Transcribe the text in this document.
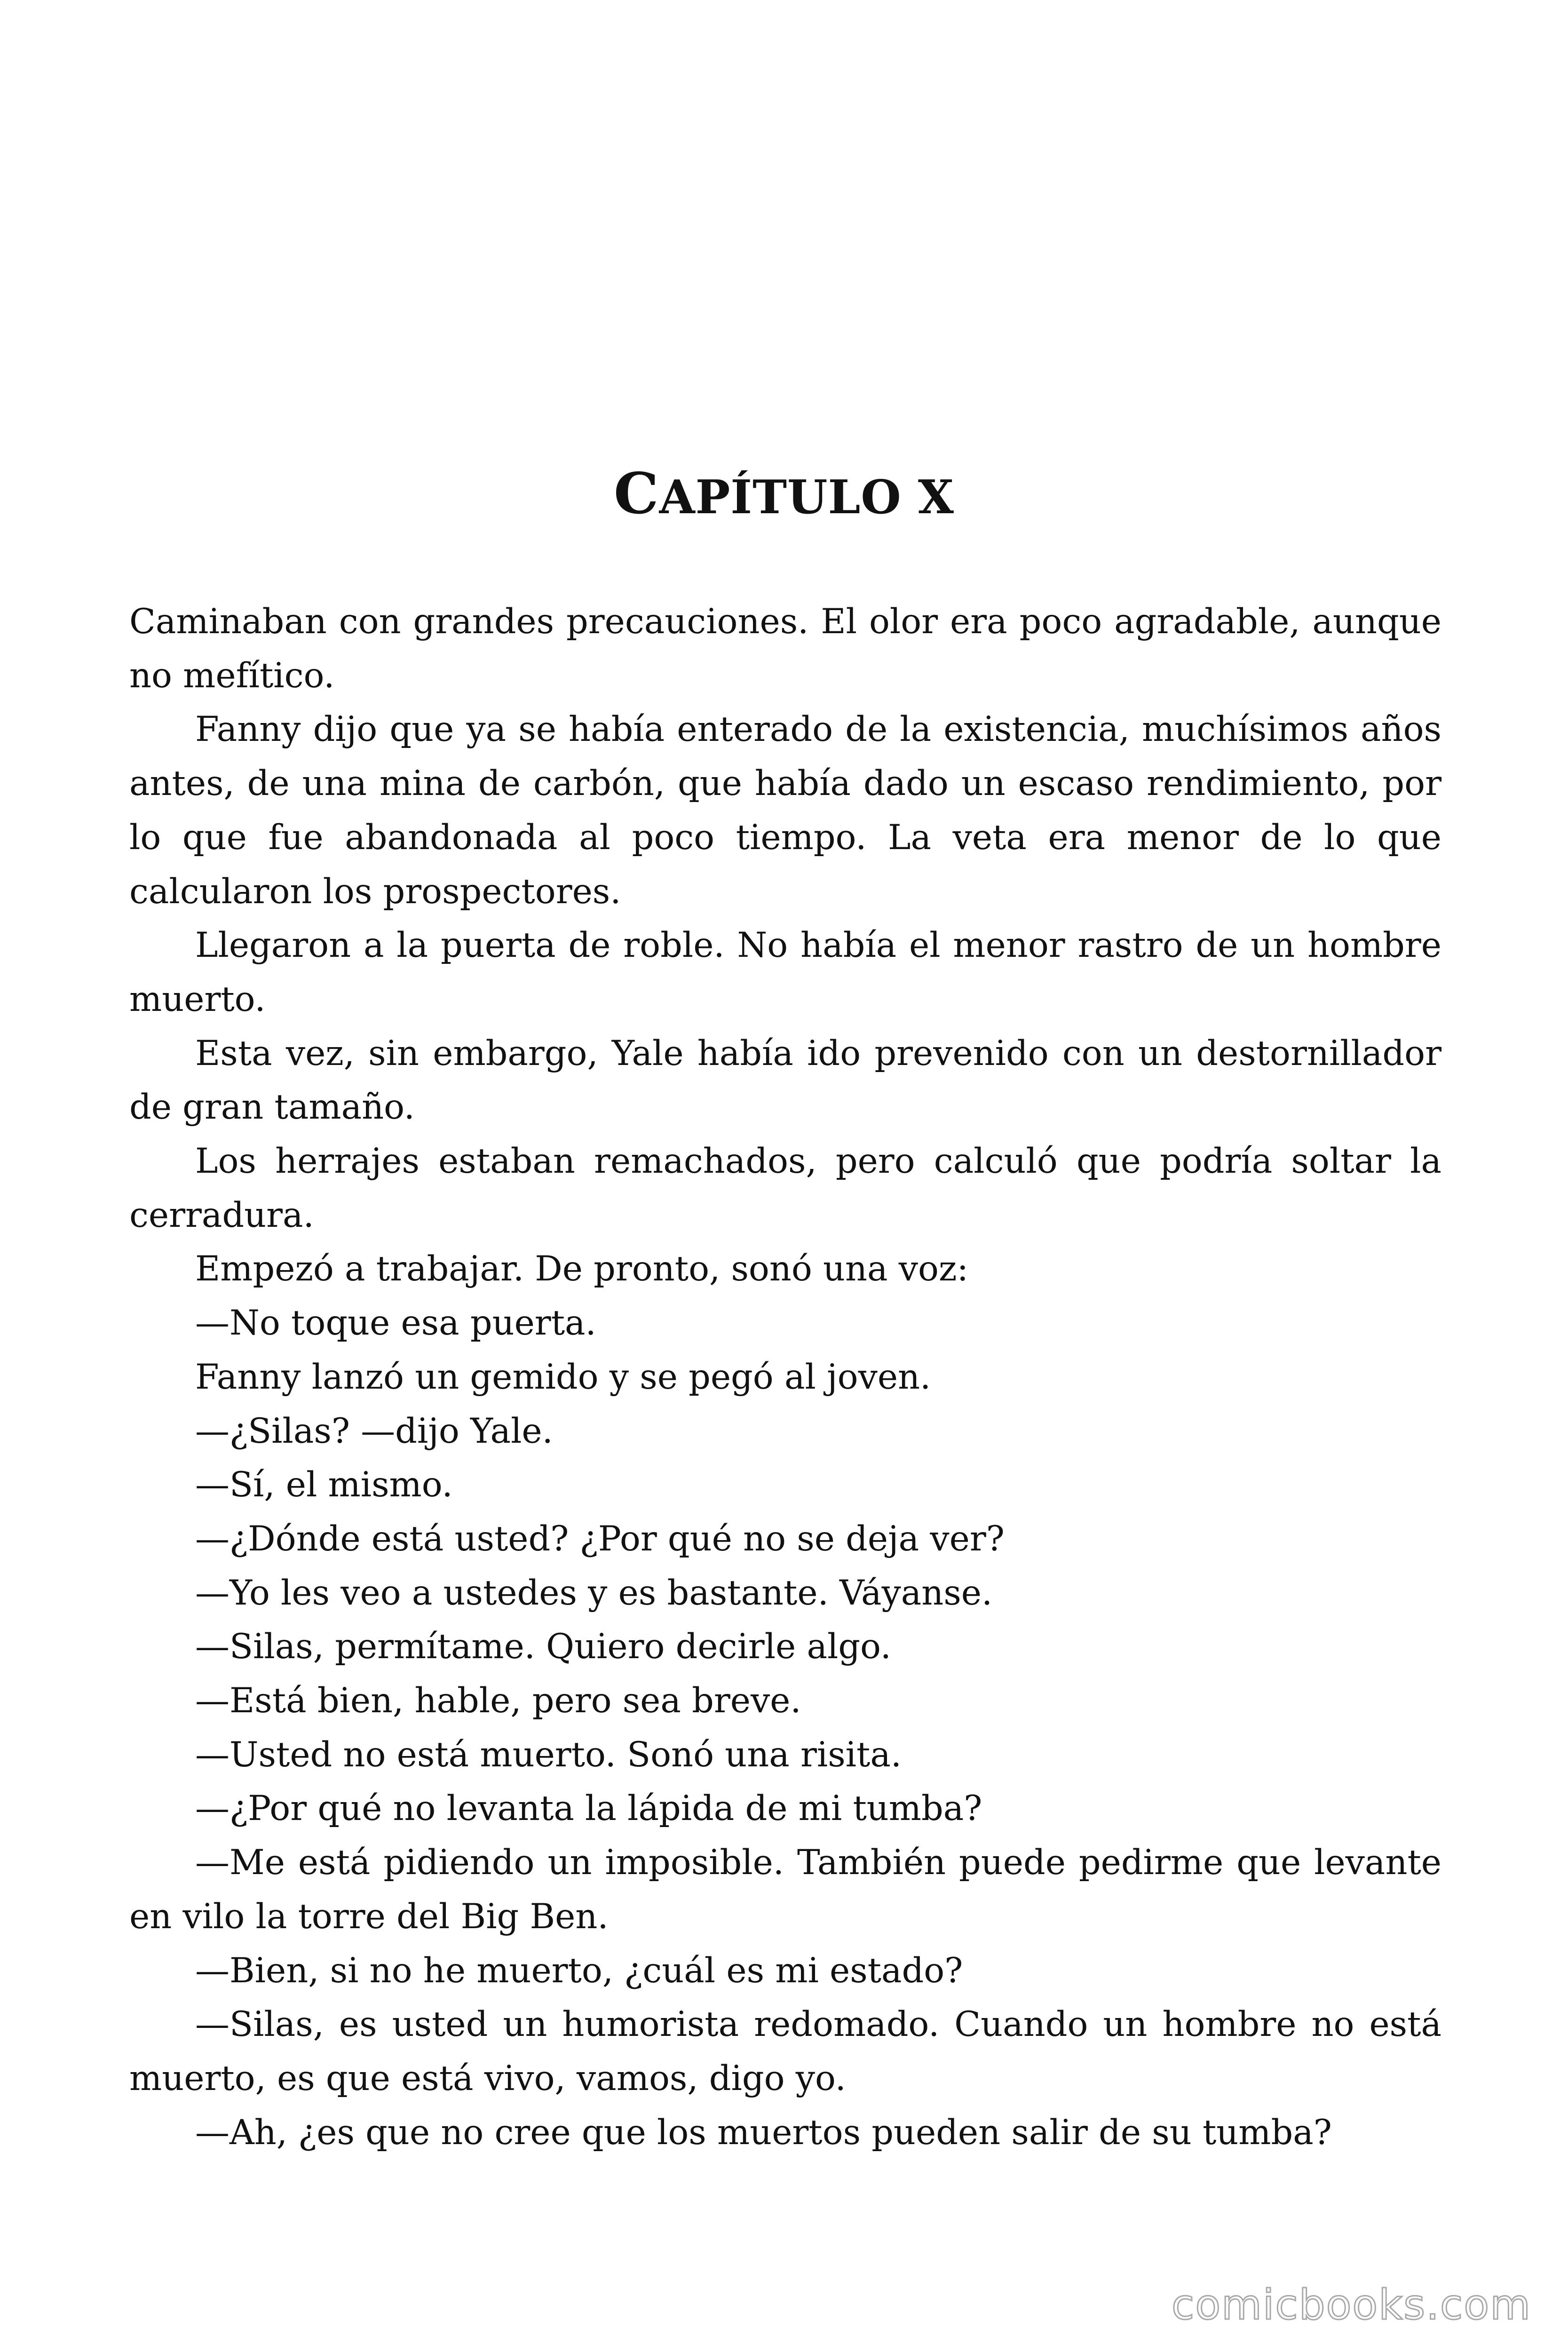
CAPÍTULO X

Caminaban con grandes precauciones. El olor era poco agradable, aunque no mefítico.

Fanny dijo que ya se había enterado de la existencia, muchísimos años antes, de una mina de carbón, que había dado un escaso rendimiento, por lo que fue abandonada al poco tiempo. La veta era menor de lo que calcularon los prospectores.

Llegaron a la puerta de roble. No había el menor rastro de un hombre muerto.

Esta vez, sin embargo, Yale había ido prevenido con un destornillador de gran tamaño.

Los herrajes estaban remachados, pero calculó que podría soltar la cerradura.

Empezó a trabajar. De pronto, sonó una voz:

—No toque esa puerta.

Fanny lanzó un gemido y se pegó al joven.

—¿Silas? —dijo Yale.

—Sí, el mismo.

—¿Dónde está usted? ¿Por qué no se deja ver?

—Yo les veo a ustedes y es bastante. Váyanse.

—Silas, permítame. Quiero decirle algo.

—Está bien, hable, pero sea breve.

—Usted no está muerto. Sonó una risita.

—¿Por qué no levanta la lápida de mi tumba?

—Me está pidiendo un imposible. También puede pedirme que levante en vilo la torre del Big Ben.

—Bien, si no he muerto, ¿cuál es mi estado?

—Silas, es usted un humorista redomado. Cuando un hombre no está muerto, es que está vivo, vamos, digo yo.

—Ah, ¿es que no cree que los muertos pueden salir de su tumba?

comicbooks.com
